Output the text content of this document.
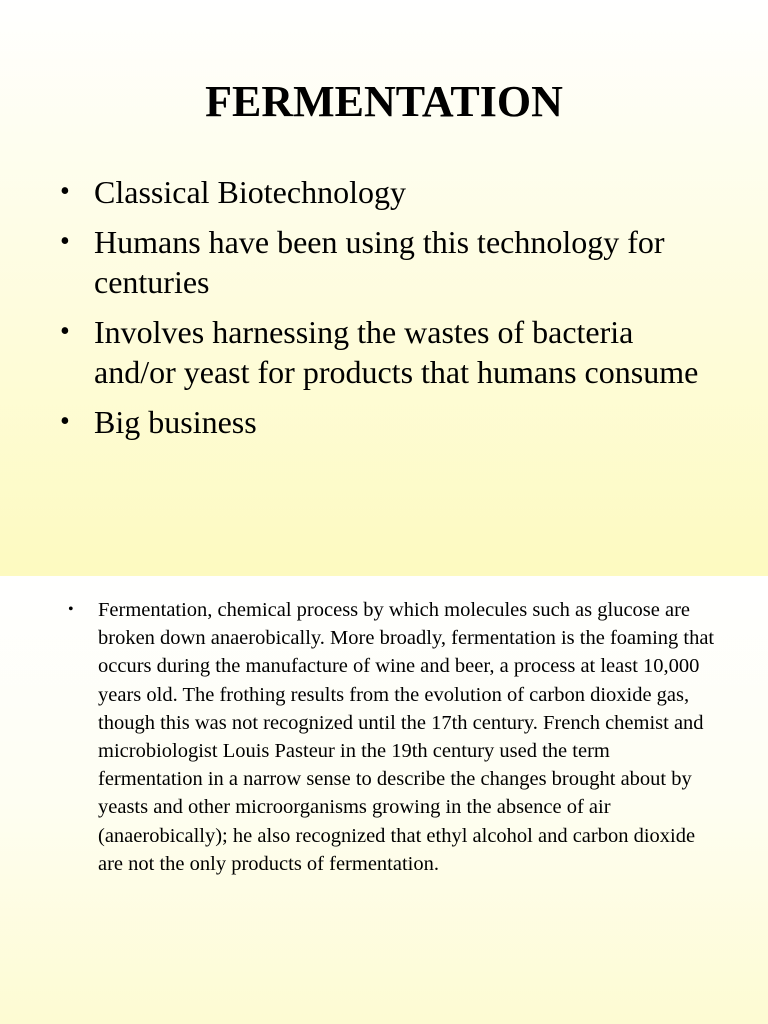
FERMENTATION
• Classical Biotechnology
• Humans have been using this technology for centuries
• Involves harnessing the wastes of bacteria and/or yeast for products that humans consume
• Big business
• Fermentation, chemical process by which molecules such as glucose are broken down anaerobically. More broadly, fermentation is the foaming that occurs during the manufacture of wine and beer, a process at least 10,000 years old. The frothing results from the evolution of carbon dioxide gas, though this was not recognized until the 17th century. French chemist and microbiologist Louis Pasteur in the 19th century used the term fermentation in a narrow sense to describe the changes brought about by yeasts and other microorganisms growing in the absence of air (anaerobically); he also recognized that ethyl alcohol and carbon dioxide are not the only products of fermentation.
